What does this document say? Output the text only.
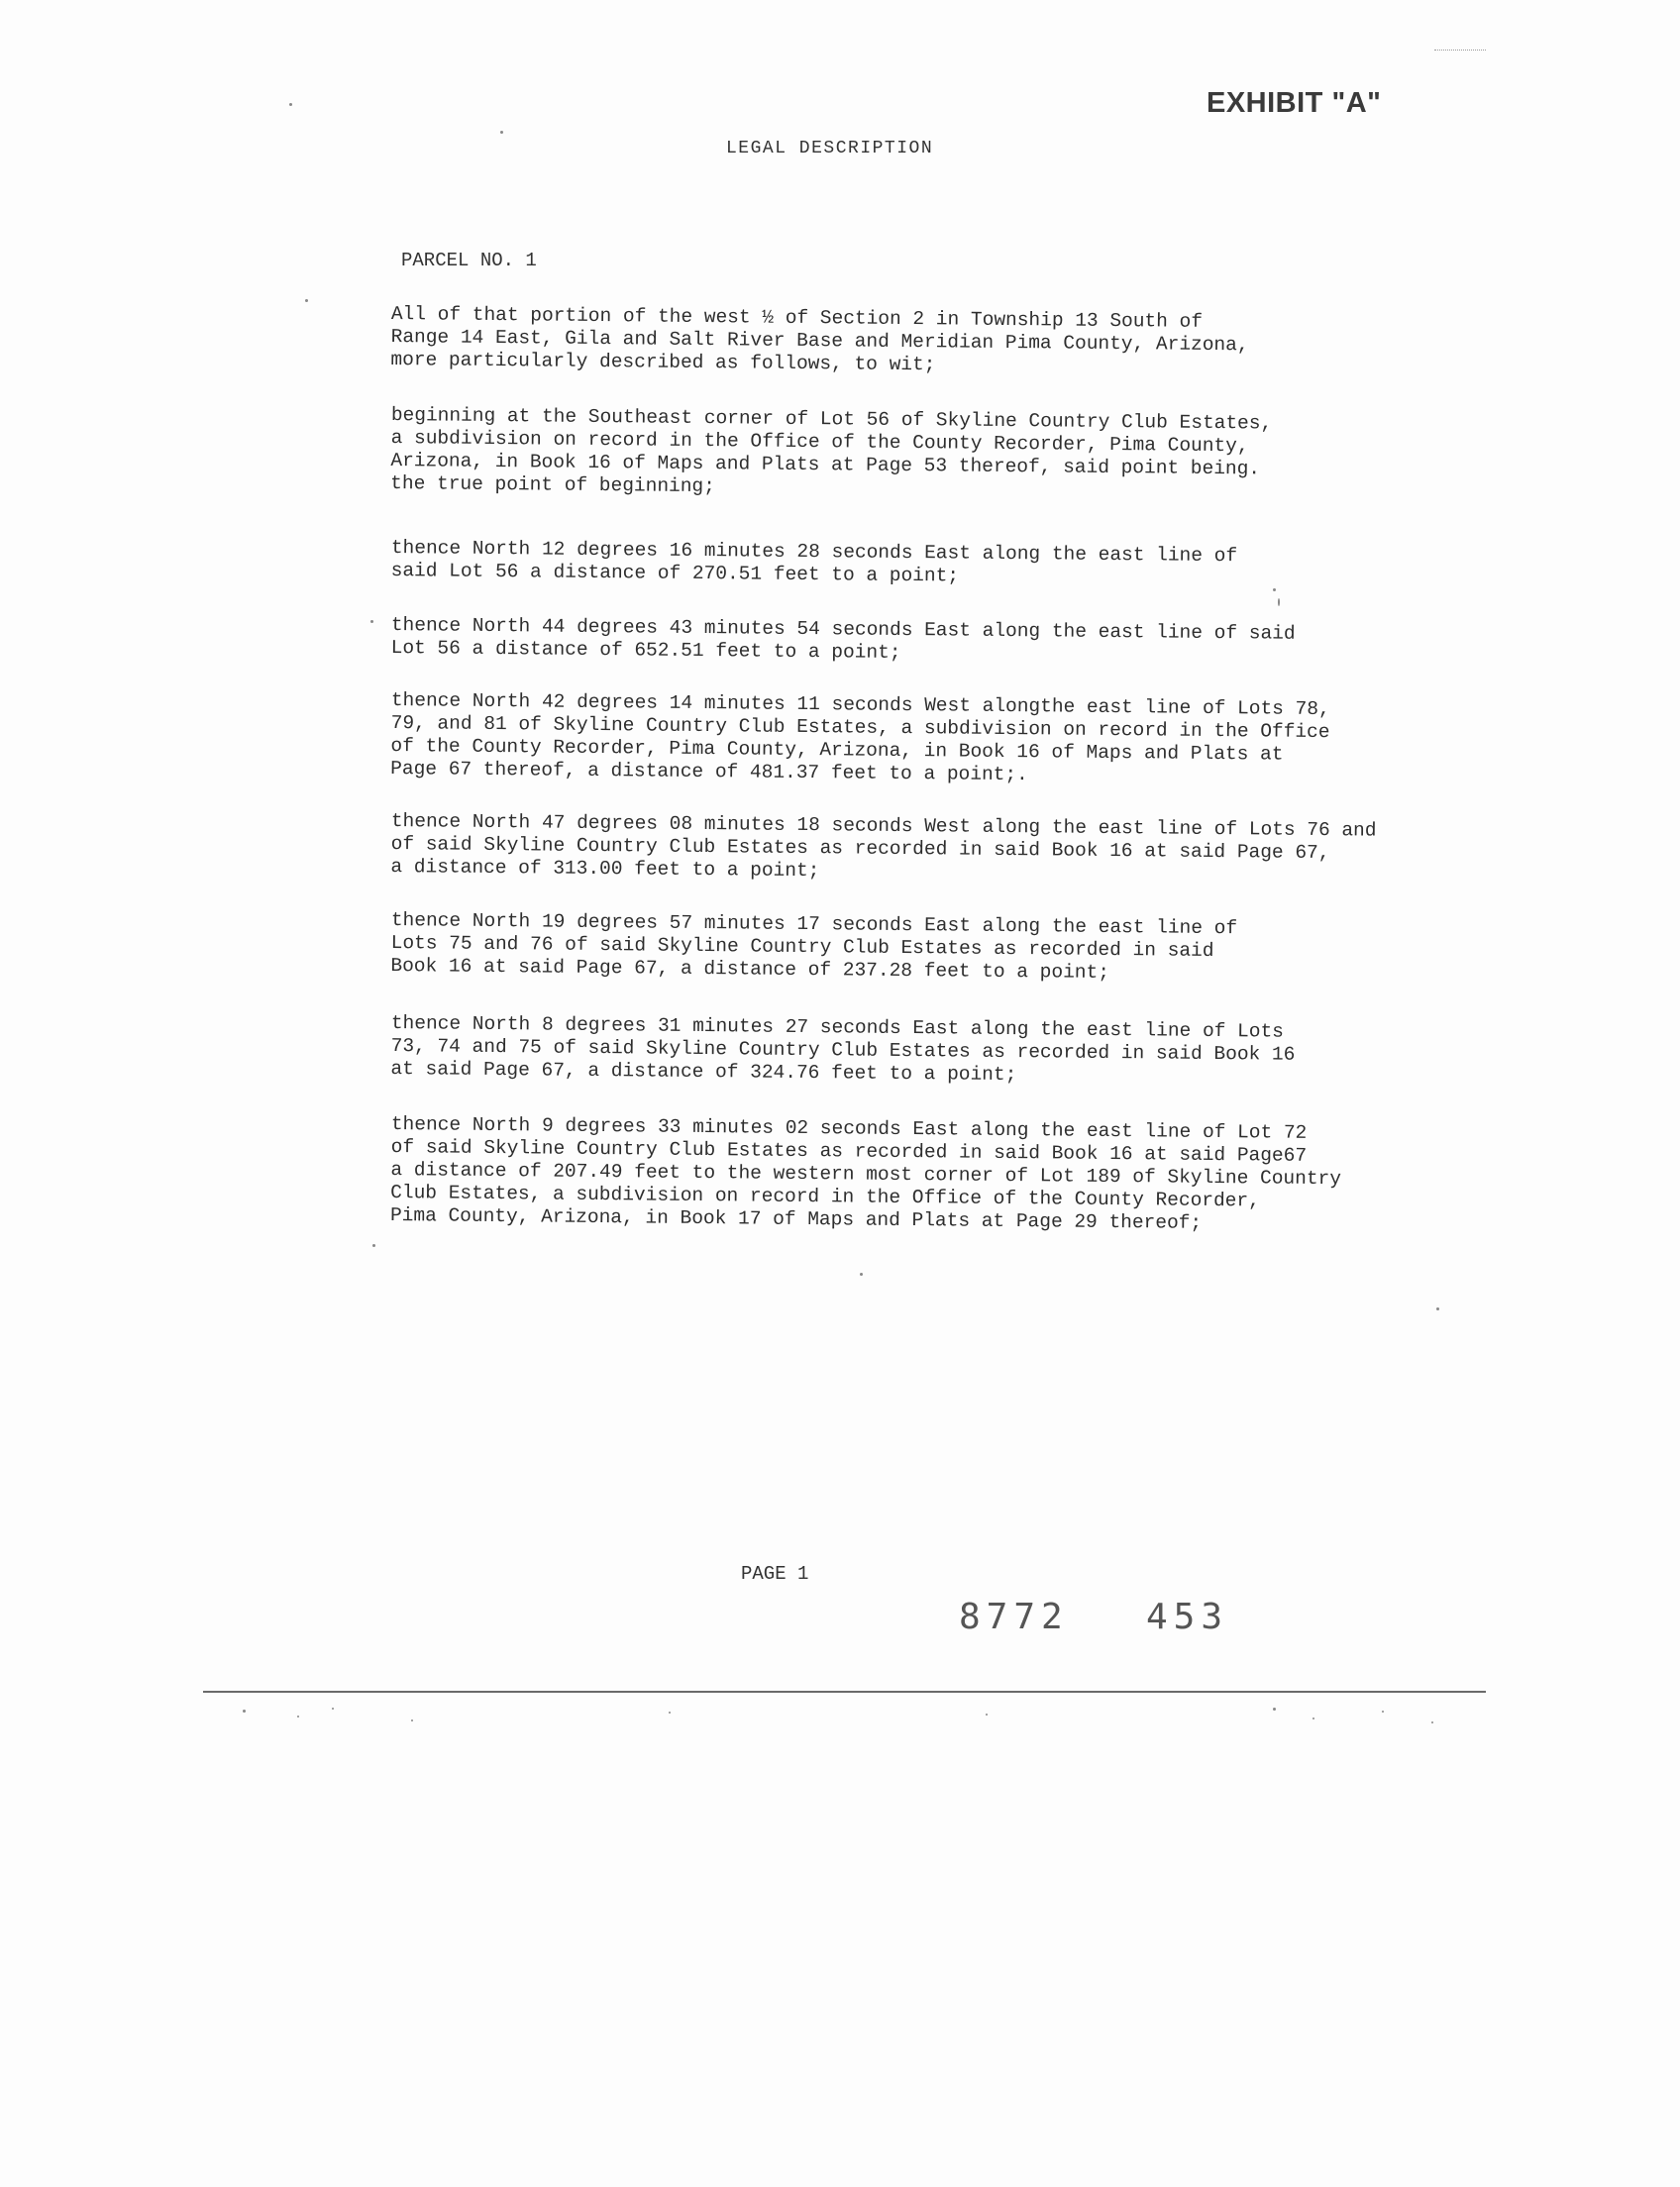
EXHIBIT "A"
LEGAL DESCRIPTION
PARCEL NO. 1
All of that portion of the west ½ of Section 2 in Township 13 South of
Range 14 East, Gila and Salt River Base and Meridian Pima County, Arizona,
more particularly described as follows, to wit;
beginning at the Southeast corner of Lot 56 of Skyline Country Club Estates,
a subdivision on record in the Office of the County Recorder, Pima County,
Arizona, in Book 16 of Maps and Plats at Page 53 thereof, said point being.
the true point of beginning;
thence North 12 degrees 16 minutes 28 seconds East along the east line of
said Lot 56 a distance of 270.51 feet to a point;
thence North 44 degrees 43 minutes 54 seconds East along the east line of said
Lot 56 a distance of 652.51 feet to a point;
thence North 42 degrees 14 minutes 11 seconds West alongthe east line of Lots 78,
79, and 81 of Skyline Country Club Estates, a subdivision on record in the Office
of the County Recorder, Pima County, Arizona, in Book 16 of Maps and Plats at
Page 67 thereof, a distance of 481.37 feet to a point;.
thence North 47 degrees 08 minutes 18 seconds West along the east line of Lots 76 and
of said Skyline Country Club Estates as recorded in said Book 16 at said Page 67,
a distance of 313.00 feet to a point;
thence North 19 degrees 57 minutes 17 seconds East along the east line of
Lots 75 and 76 of said Skyline Country Club Estates as recorded in said
Book 16 at said Page 67, a distance of 237.28 feet to a point;
thence North 8 degrees 31 minutes 27 seconds East along the east line of Lots
73, 74 and 75 of said Skyline Country Club Estates as recorded in said Book 16
at said Page 67, a distance of 324.76 feet to a point;
thence North 9 degrees 33 minutes 02 seconds East along the east line of Lot 72
of said Skyline Country Club Estates as recorded in said Book 16 at said Page67
a distance of 207.49 feet to the western most corner of Lot 189 of Skyline Country
Club Estates, a subdivision on record in the Office of the County Recorder,
Pima County, Arizona, in Book 17 of Maps and Plats at Page 29 thereof;
PAGE 1
8772 453
